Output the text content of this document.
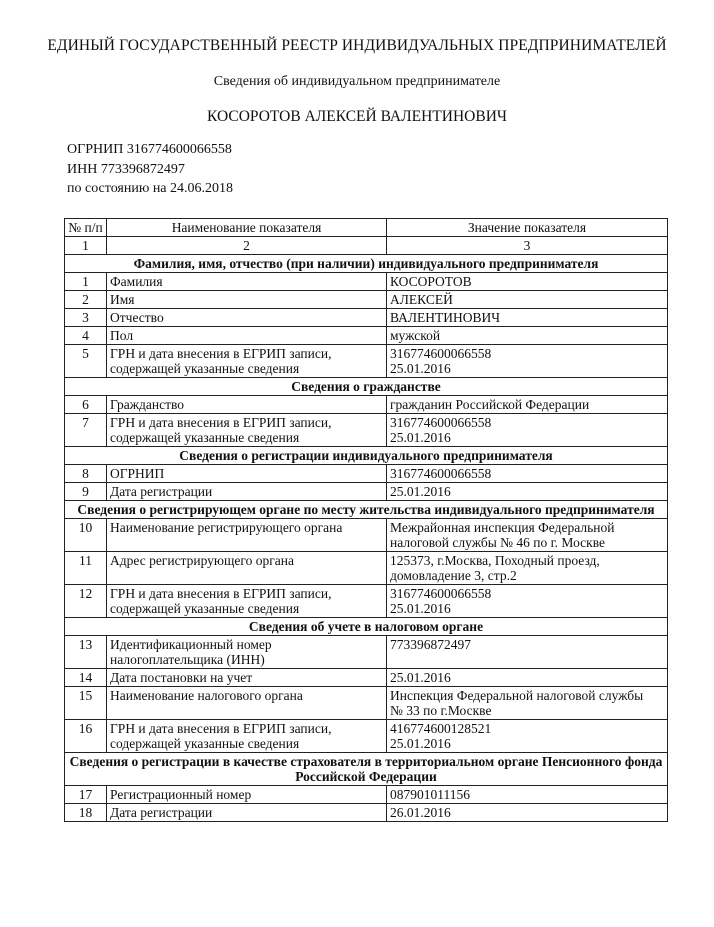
ЕДИНЫЙ ГОСУДАРСТВЕННЫЙ РЕЕСТР ИНДИВИДУАЛЬНЫХ ПРЕДПРИНИМАТЕЛЕЙ
Сведения об индивидуальном предпринимателе
КОСОРОТОВ АЛЕКСЕЙ ВАЛЕНТИНОВИЧ
ОГРНИП 316774600066558
ИНН 773396872497
по состоянию на 24.06.2018
№ п/п	Наименование показателя	Значение показателя
1	2	3
Фамилия, имя, отчество (при наличии) индивидуального предпринимателя		
1	Фамилия	КОСОРОТОВ
2	Имя	АЛЕКСЕЙ
3	Отчество	ВАЛЕНТИНОВИЧ
4	Пол	мужской
5	ГРН и дата внесения в ЕГРИП записи,
содержащей указанные сведения	316774600066558
25.01.2016
Сведения о гражданстве		
6	Гражданство	гражданин Российской Федерации
7	ГРН и дата внесения в ЕГРИП записи,
содержащей указанные сведения	316774600066558
25.01.2016
Сведения о регистрации индивидуального предпринимателя		
8	ОГРНИП	316774600066558
9	Дата регистрации	25.01.2016
Сведения о регистрирующем органе по месту жительства индивидуального предпринимателя		
10	Наименование регистрирующего органа	Межрайонная инспекция Федеральной
налоговой службы № 46 по г. Москве
11	Адрес регистрирующего органа	125373, г.Москва, Походный проезд,
домовладение 3, стр.2
12	ГРН и дата внесения в ЕГРИП записи,
содержащей указанные сведения	316774600066558
25.01.2016
Сведения об учете в налоговом органе		
13	Идентификационный номер
налогоплательщика (ИНН)	773396872497
14	Дата постановки на учет	25.01.2016
15	Наименование налогового органа	Инспекция Федеральной налоговой службы
№ 33 по г.Москве
16	ГРН и дата внесения в ЕГРИП записи,
содержащей указанные сведения	416774600128521
25.01.2016
Сведения о регистрации в качестве страхователя в территориальном органе Пенсионного фонда Российской Федерации		
17	Регистрационный номер	087901011156
18	Дата регистрации	26.01.2016
